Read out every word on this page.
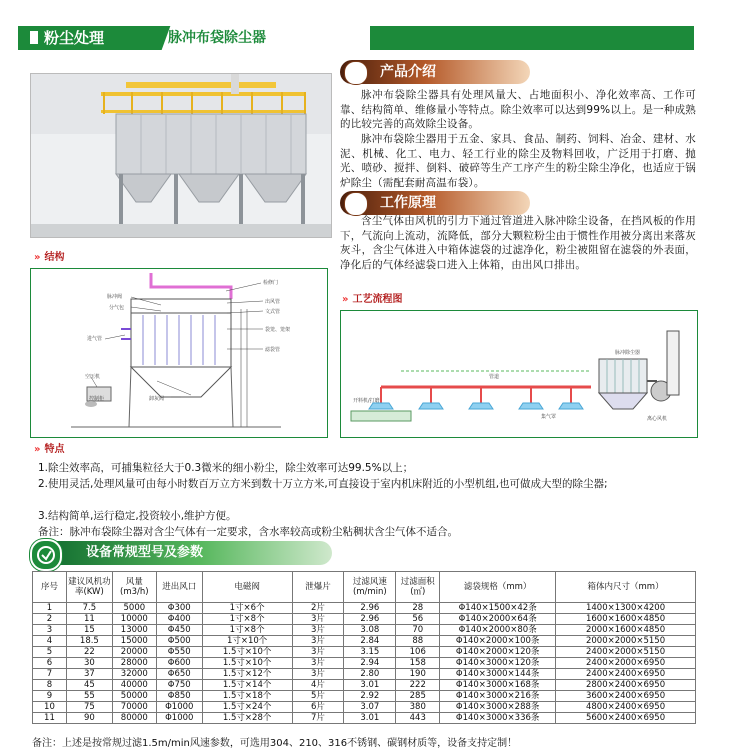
粉尘处理	脉冲布袋除尘器
产品介绍
脉冲布袋除尘器具有处理风量大、占地面积小、净化效率高、工作可靠、结构简单、维修量小等特点。除尘效率可以达到99%以上。是一种成熟的比较完善的高效除尘设备。
脉冲布袋除尘器用于五金、家具、食品、制药、饲料、冶金、建材、水泥、机械、化工、电力、轻工行业的除尘及物料回收，广泛用于打磨、抛光、喷砂、搅拌、倒料、破碎等生产工序产生的粉尘除尘净化，也适应于锅炉除尘（需配套耐高温布袋）。
工作原理
含尘气体由风机的引力下通过管道进入脉冲除尘设备，在挡风板的作用下，气流向上流动，流降低，部分大颗粒粉尘由于惯性作用被分离出来落灰灰斗，含尘气体进入中箱体滤袋的过滤净化，粉尘被阻留在滤袋的外表面，净化后的气体经滤袋口进入上体箱，由出风口排出。
» 结构
脉冲阀
分气包
检修门
出风管
文式管
袋笼、笼架
滤袋管
进气管
空压机
卸灰阀
控制柜
» 工艺流程图
脉冲除尘器
管道
集气罩
开料机/打磨
离心风机
» 特点
1.除尘效率高，可捕集粒径大于0.3微米的细小粉尘，除尘效率可达99.5%以上；
2.使用灵活,处理风量可由每小时数百万立方米到数十万立方米,可直接设于室内机床附近的小型机组,也可做成大型的除尘器;
3.结构简单,运行稳定,投资较小,维护方便。
备注：脉冲布袋除尘器对含尘气体有一定要求，含水率较高或粉尘粘稠状含尘气体不适合。
设备常规型号及参数
序号	建议风机功率(KW)	风量(m3/h)	进出风口	电磁阀	泄爆片	过滤风速(m/min)	过滤面积(㎡)	滤袋规格（mm）	箱体内尺寸（mm）
1	7.5	5000	Φ300	1寸×6个	2片	2.96	28	Φ140×1500×42条	1400×1300×4200
2	11	10000	Φ400	1寸×8个	3片	2.96	56	Φ140×2000×64条	1600×1600×4850
3	15	13000	Φ450	1寸×8个	3片	3.08	70	Φ140×2000×80条	2000×1600×4850
4	18.5	15000	Φ500	1寸×10个	3片	2.84	88	Φ140×2000×100条	2000×2000×5150
5	22	20000	Φ550	1.5寸×10个	3片	3.15	106	Φ140×2000×120条	2400×2000×5150
6	30	28000	Φ600	1.5寸×10个	3片	2.94	158	Φ140×3000×120条	2400×2000×6950
7	37	32000	Φ650	1.5寸×12个	3片	2.80	190	Φ140×3000×144条	2400×2400×6950
8	45	40000	Φ750	1.5寸×14个	4片	3.01	222	Φ140×3000×168条	2800×2400×6950
9	55	50000	Φ850	1.5寸×18个	5片	2.92	285	Φ140×3000×216条	3600×2400×6950
10	75	70000	Φ1000	1.5寸×24个	6片	3.07	380	Φ140×3000×288条	4800×2400×6950
11	90	80000	Φ1000	1.5寸×28个	7片	3.01	443	Φ140×3000×336条	5600×2400×6950
备注：上述是按常规过滤1.5m/min风速参数，可选用304、210、316不锈钢、碳钢材质等，设备支持定制！
